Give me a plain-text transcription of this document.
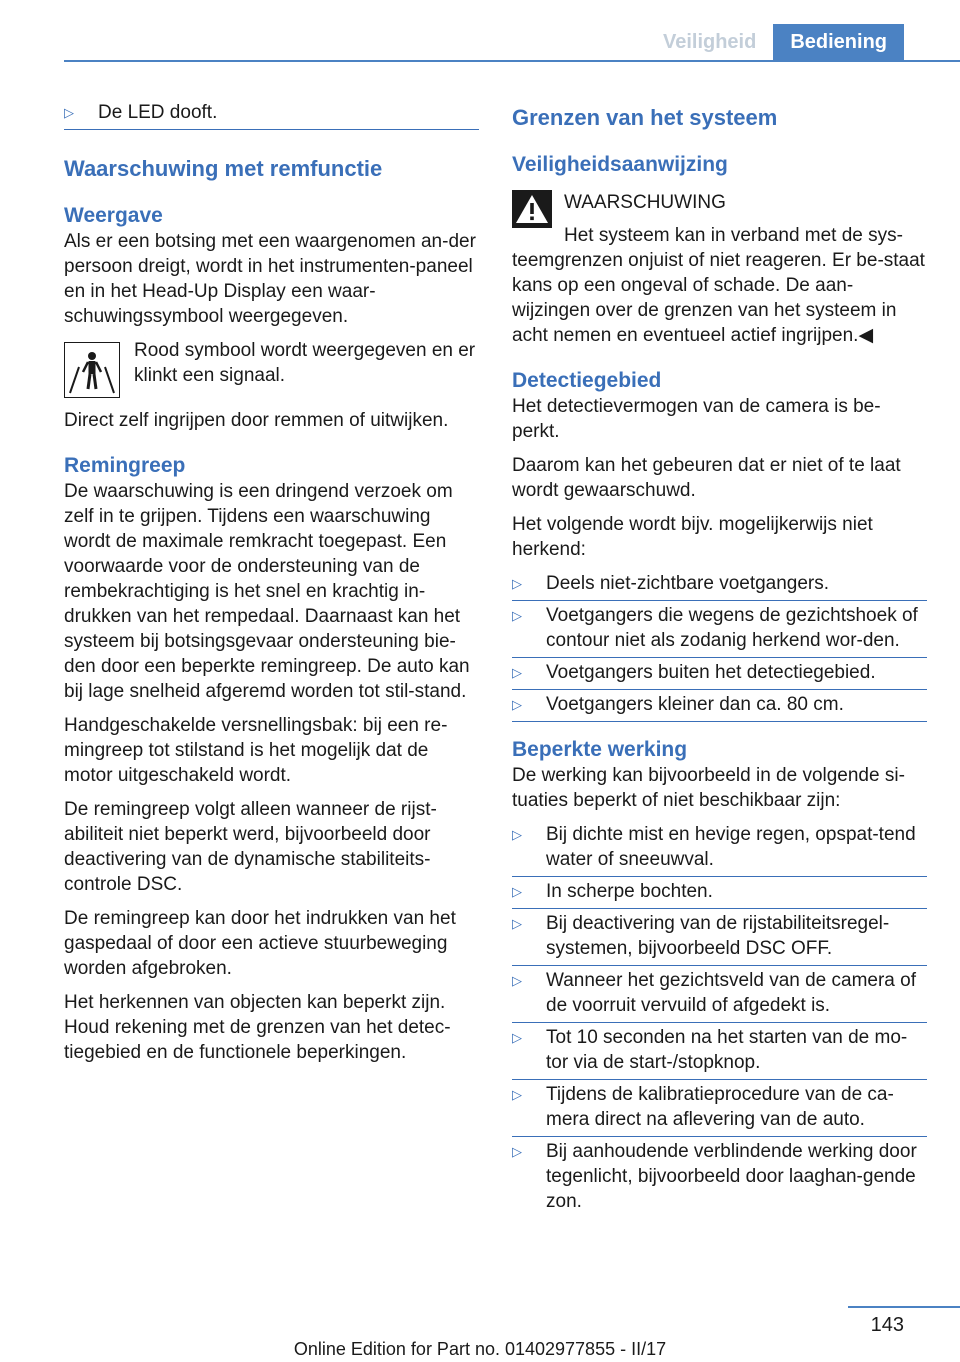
Veiligheid	Bediening
▷ De LED dooft.
Waarschuwing met remfunctie
Weergave

Als er een botsing met een waargenomen an‐der persoon dreigt, wordt in het instrumenten‐paneel en in het Head-Up Display een waar‐schuwingssymbool weergegeven.

Rood symbool wordt weergegeven en er klinkt een signaal.

Direct zelf ingrijpen door remmen of uitwijken.

Remingreep

De waarschuwing is een dringend verzoek om zelf in te grijpen. Tijdens een waarschuwing wordt de maximale remkracht toegepast. Een voorwaarde voor de ondersteuning van de rembekrachtiging is het snel en krachtig in‐drukken van het rempedaal. Daarnaast kan het systeem bij botsingsgevaar ondersteuning bie‐den door een beperkte remingreep. De auto kan bij lage snelheid afgeremd worden tot stil‐stand.

Handgeschakelde versnellingsbak: bij een re‐mingreep tot stilstand is het mogelijk dat de motor uitgeschakeld wordt.

De remingreep volgt alleen wanneer de rijst‐abiliteit niet beperkt werd, bijvoorbeeld door deactivering van de dynamische stabiliteits‐controle DSC.

De remingreep kan door het indrukken van het gaspedaal of door een actieve stuurbeweging worden afgebroken.

Het herkennen van objecten kan beperkt zijn. Houd rekening met de grenzen van het detec‐tiegebied en de functionele beperkingen.

Grenzen van het systeem
Veiligheidsaanwijzing
WAARSCHUWING

Het systeem kan in verband met de sys‐teemgrenzen onjuist of niet reageren. Er be‐staat kans op een ongeval of schade. De aan‐wijzingen over de grenzen van het systeem in acht nemen en eventueel actief ingrijpen.◀

Detectiegebied

Het detectievermogen van de camera is be‐perkt.

Daarom kan het gebeuren dat er niet of te laat wordt gewaarschuwd.

Het volgende wordt bijv. mogelijkerwijs niet herkend:

▷ Deels niet-zichtbare voetgangers.
▷ Voetgangers die wegens de gezichtshoek of contour niet als zodanig herkend wor‐den.
▷ Voetgangers buiten het detectiegebied.
▷ Voetgangers kleiner dan ca. 80 cm.
Beperkte werking

De werking kan bijvoorbeeld in de volgende si‐tuaties beperkt of niet beschikbaar zijn:

▷ Bij dichte mist en hevige regen, opspat‐tend water of sneeuwval.
▷ In scherpe bochten.
▷ Bij deactivering van de rijstabiliteitsregel‐systemen, bijvoorbeeld DSC OFF.
▷ Wanneer het gezichtsveld van de camera of de voorruit vervuild of afgedekt is.
▷ Tot 10 seconden na het starten van de mo‐tor via de start-/stopknop.
▷ Tijdens de kalibratieprocedure van de ca‐mera direct na aflevering van de auto.
▷ Bij aanhoudende verblindende werking door tegenlicht, bijvoorbeeld door laaghan‐gende zon.
143
Online Edition for Part no. 01402977855 - II/17
